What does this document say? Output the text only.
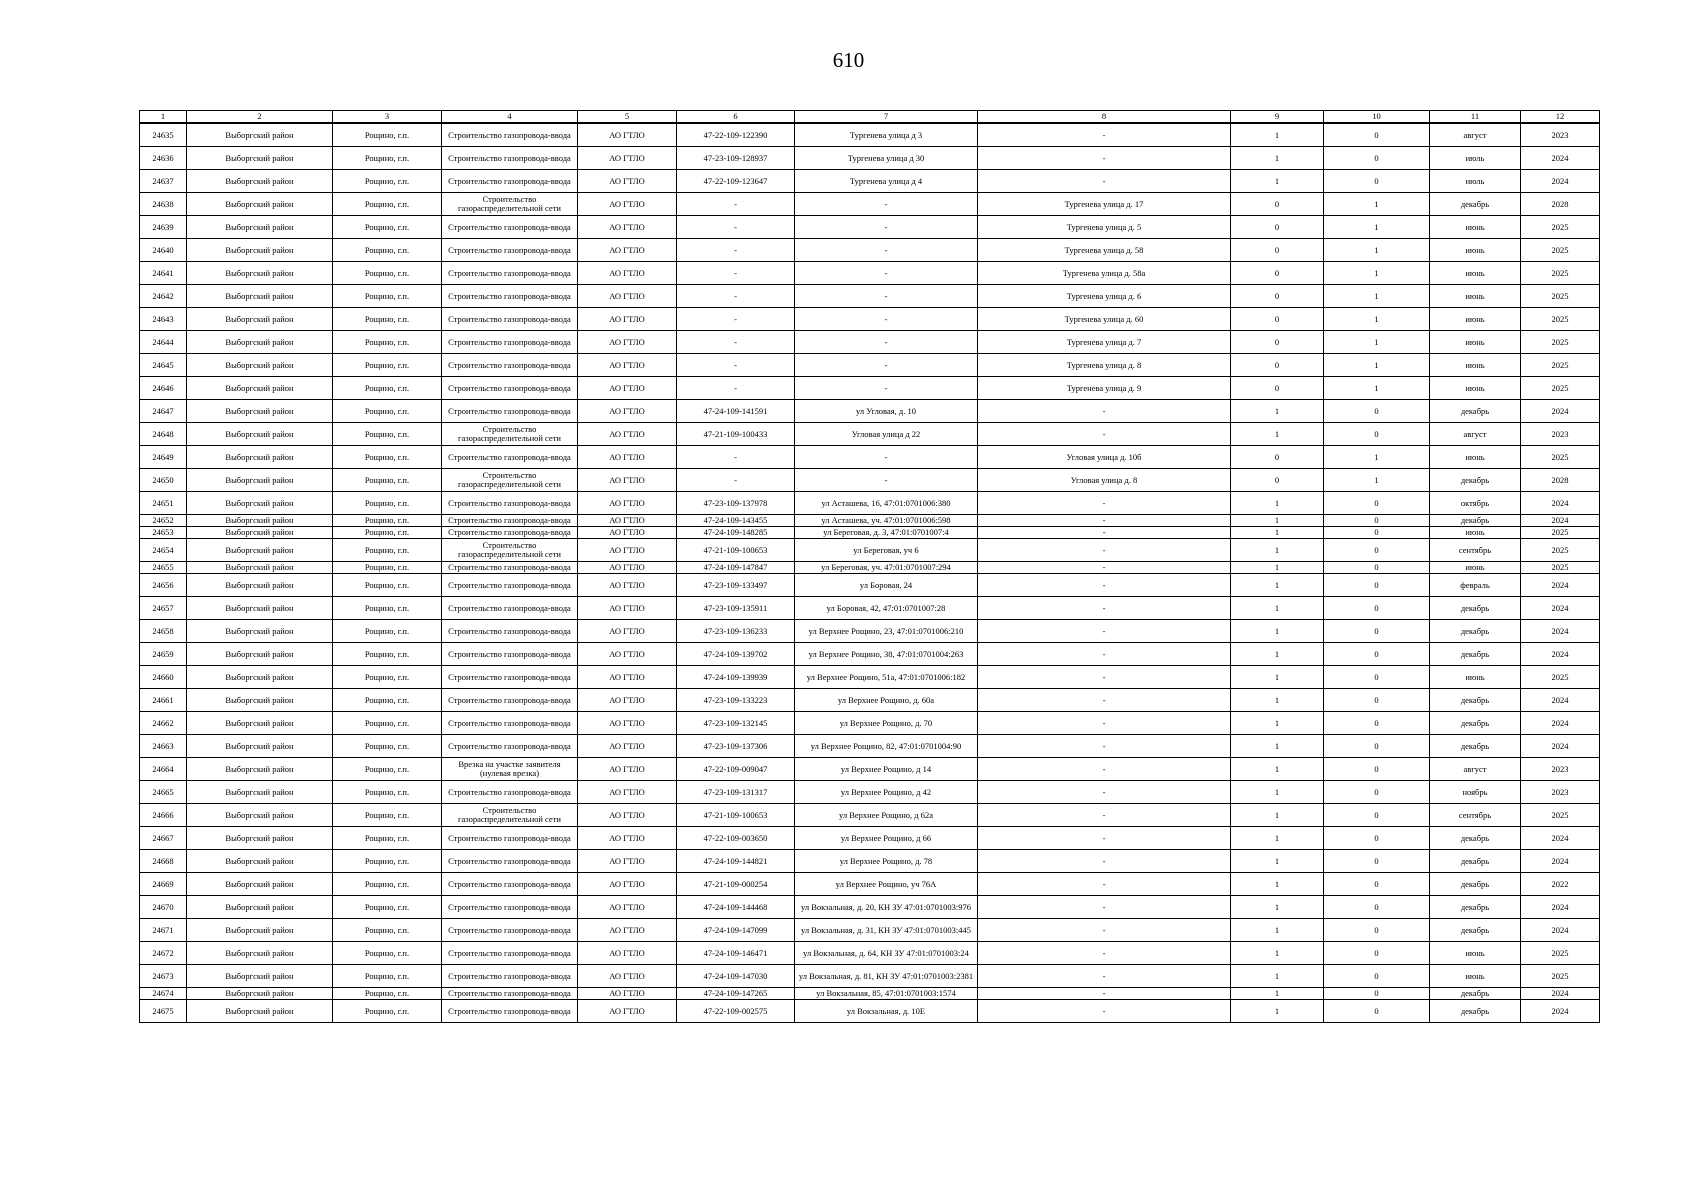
610
1	2	3	4	5	6	7	8	9	10	11	12
24635	Выборгский район	Рощино, г.п.	Строительство газопровода-ввода	АО ГТЛО	47-22-109-122390	Тургенева улица д 3	-	1	0	август	2023
24636	Выборгский район	Рощино, г.п.	Строительство газопровода-ввода	АО ГТЛО	47-23-109-128937	Тургенева улица д 30	-	1	0	июль	2024
24637	Выборгский район	Рощино, г.п.	Строительство газопровода-ввода	АО ГТЛО	47-22-109-123647	Тургенева улица д 4	-	1	0	июль	2024
24638	Выборгский район	Рощино, г.п.	Строительство газораспределительной сети	АО ГТЛО	-	-	Тургенева улица д. 17	0	1	декабрь	2028
24639	Выборгский район	Рощино, г.п.	Строительство газопровода-ввода	АО ГТЛО	-	-	Тургенева улица д. 5	0	1	июнь	2025
24640	Выборгский район	Рощино, г.п.	Строительство газопровода-ввода	АО ГТЛО	-	-	Тургенева улица д. 58	0	1	июнь	2025
24641	Выборгский район	Рощино, г.п.	Строительство газопровода-ввода	АО ГТЛО	-	-	Тургенева улица д. 58а	0	1	июнь	2025
24642	Выборгский район	Рощино, г.п.	Строительство газопровода-ввода	АО ГТЛО	-	-	Тургенева улица д. 6	0	1	июнь	2025
24643	Выборгский район	Рощино, г.п.	Строительство газопровода-ввода	АО ГТЛО	-	-	Тургенева улица д. 60	0	1	июнь	2025
24644	Выборгский район	Рощино, г.п.	Строительство газопровода-ввода	АО ГТЛО	-	-	Тургенева улица д. 7	0	1	июнь	2025
24645	Выборгский район	Рощино, г.п.	Строительство газопровода-ввода	АО ГТЛО	-	-	Тургенева улица д. 8	0	1	июнь	2025
24646	Выборгский район	Рощино, г.п.	Строительство газопровода-ввода	АО ГТЛО	-	-	Тургенева улица д. 9	0	1	июнь	2025
24647	Выборгский район	Рощино, г.п.	Строительство газопровода-ввода	АО ГТЛО	47-24-109-141591	ул Угловая, д. 10	-	1	0	декабрь	2024
24648	Выборгский район	Рощино, г.п.	Строительство газораспределительной сети	АО ГТЛО	47-21-109-100433	Угловая улица д 22	-	1	0	август	2023
24649	Выборгский район	Рощино, г.п.	Строительство газопровода-ввода	АО ГТЛО	-	-	Угловая улица д. 10б	0	1	июнь	2025
24650	Выборгский район	Рощино, г.п.	Строительство газораспределительной сети	АО ГТЛО	-	-	Угловая улица д. 8	0	1	декабрь	2028
24651	Выборгский район	Рощино, г.п.	Строительство газопровода-ввода	АО ГТЛО	47-23-109-137978	ул Асташева, 16, 47:01:0701006:380	-	1	0	октябрь	2024
24652	Выборгский район	Рощино, г.п.	Строительство газопровода-ввода	АО ГТЛО	47-24-109-143455	ул Асташева, уч. 47:01:0701006:598	-	1	0	декабрь	2024
24653	Выборгский район	Рощино, г.п.	Строительство газопровода-ввода	АО ГТЛО	47-24-109-148285	ул Береговая, д. 3, 47:01:0701007:4	-	1	0	июнь	2025
24654	Выборгский район	Рощино, г.п.	Строительство газораспределительной сети	АО ГТЛО	47-21-109-100653	ул Береговая, уч 6	-	1	0	сентябрь	2025
24655	Выборгский район	Рощино, г.п.	Строительство газопровода-ввода	АО ГТЛО	47-24-109-147847	ул Береговая, уч. 47:01:0701007:294	-	1	0	июнь	2025
24656	Выборгский район	Рощино, г.п.	Строительство газопровода-ввода	АО ГТЛО	47-23-109-133497	ул Боровая, 24	-	1	0	февраль	2024
24657	Выборгский район	Рощино, г.п.	Строительство газопровода-ввода	АО ГТЛО	47-23-109-135911	ул Боровая, 42, 47:01:0701007:28	-	1	0	декабрь	2024
24658	Выборгский район	Рощино, г.п.	Строительство газопровода-ввода	АО ГТЛО	47-23-109-136233	ул Верхнее Рощино, 23, 47:01:0701006:210	-	1	0	декабрь	2024
24659	Выборгский район	Рощино, г.п.	Строительство газопровода-ввода	АО ГТЛО	47-24-109-139702	ул Верхнее Рощино, 38, 47:01:0701004:263	-	1	0	декабрь	2024
24660	Выборгский район	Рощино, г.п.	Строительство газопровода-ввода	АО ГТЛО	47-24-109-139939	ул Верхнее Рощино, 51а, 47:01:0701006:182	-	1	0	июнь	2025
24661	Выборгский район	Рощино, г.п.	Строительство газопровода-ввода	АО ГТЛО	47-23-109-133223	ул Верхнее Рощино, д. 60а	-	1	0	декабрь	2024
24662	Выборгский район	Рощино, г.п.	Строительство газопровода-ввода	АО ГТЛО	47-23-109-132145	ул Верхнее Рощино, д. 70	-	1	0	декабрь	2024
24663	Выборгский район	Рощино, г.п.	Строительство газопровода-ввода	АО ГТЛО	47-23-109-137306	ул Верхнее Рощино, 82, 47:01:0701004:90	-	1	0	декабрь	2024
24664	Выборгский район	Рощино, г.п.	Врезка на участке заявителя (нулевая врезка)	АО ГТЛО	47-22-109-009047	ул Верхнее Рощино, д 14	-	1	0	август	2023
24665	Выборгский район	Рощино, г.п.	Строительство газопровода-ввода	АО ГТЛО	47-23-109-131317	ул Верхнее Рощино, д 42	-	1	0	ноябрь	2023
24666	Выборгский район	Рощино, г.п.	Строительство газораспределительной сети	АО ГТЛО	47-21-109-100653	ул Верхнее Рощино, д 62а	-	1	0	сентябрь	2025
24667	Выборгский район	Рощино, г.п.	Строительство газопровода-ввода	АО ГТЛО	47-22-109-003650	ул Верхнее Рощино, д 66	-	1	0	декабрь	2024
24668	Выборгский район	Рощино, г.п.	Строительство газопровода-ввода	АО ГТЛО	47-24-109-144821	ул Верхнее Рощино, д. 78	-	1	0	декабрь	2024
24669	Выборгский район	Рощино, г.п.	Строительство газопровода-ввода	АО ГТЛО	47-21-109-000254	ул Верхнее Рощино, уч 76А	-	1	0	декабрь	2022
24670	Выборгский район	Рощино, г.п.	Строительство газопровода-ввода	АО ГТЛО	47-24-109-144468	ул Вокзальная, д. 20, КН ЗУ 47:01:0701003:976	-	1	0	декабрь	2024
24671	Выборгский район	Рощино, г.п.	Строительство газопровода-ввода	АО ГТЛО	47-24-109-147099	ул Вокзальная, д. 31, КН ЗУ 47:01:0701003:445	-	1	0	декабрь	2024
24672	Выборгский район	Рощино, г.п.	Строительство газопровода-ввода	АО ГТЛО	47-24-109-146471	ул Вокзальная, д. 64, КН ЗУ 47:01:0701003:24	-	1	0	июнь	2025
24673	Выборгский район	Рощино, г.п.	Строительство газопровода-ввода	АО ГТЛО	47-24-109-147030	ул Вокзальная, д. 81, КН ЗУ 47:01:0701003:2381	-	1	0	июнь	2025
24674	Выборгский район	Рощино, г.п.	Строительство газопровода-ввода	АО ГТЛО	47-24-109-147265	ул Вокзальная, 85, 47:01:0701003:1574	-	1	0	декабрь	2024
24675	Выборгский район	Рощино, г.п.	Строительство газопровода-ввода	АО ГТЛО	47-22-109-002575	ул Вокзальная, д. 10Е	-	1	0	декабрь	2024
